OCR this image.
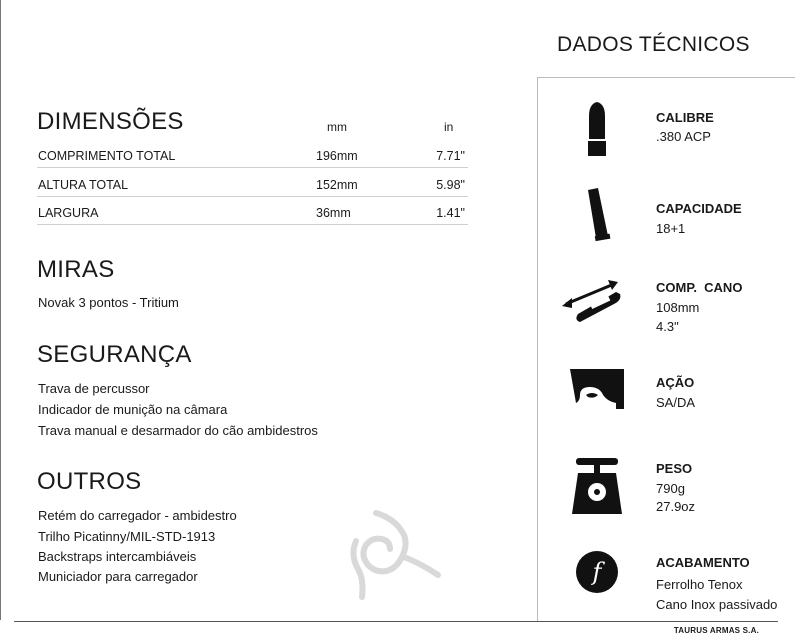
DADOS TÉCNICOS
CALIBRE
.380 ACP
CAPACIDADE
18+1
COMP.  CANO
108mm
4.3"
AÇÃO
SA/DA
PESO
790g
27.9oz
f	ACABAMENTO
Ferrolho Tenox
Cano Inox passivado
DIMENSÕES	mm	in
COMPRIMENTO TOTAL	196mm	7.71"
ALTURA TOTAL	152mm	5.98"
LARGURA	36mm	1.41"
MIRAS
Novak 3 pontos - Tritium
SEGURANÇA
Trava de percussor
Indicador de munição na câmara
Trava manual e desarmador do cão ambidestros
OUTROS
Retém do carregador - ambidestro
Trilho Picatinny/MIL-STD-1913
Backstraps intercambiáveis
Municiador para carregador
TAURUS ARMAS S.A.
